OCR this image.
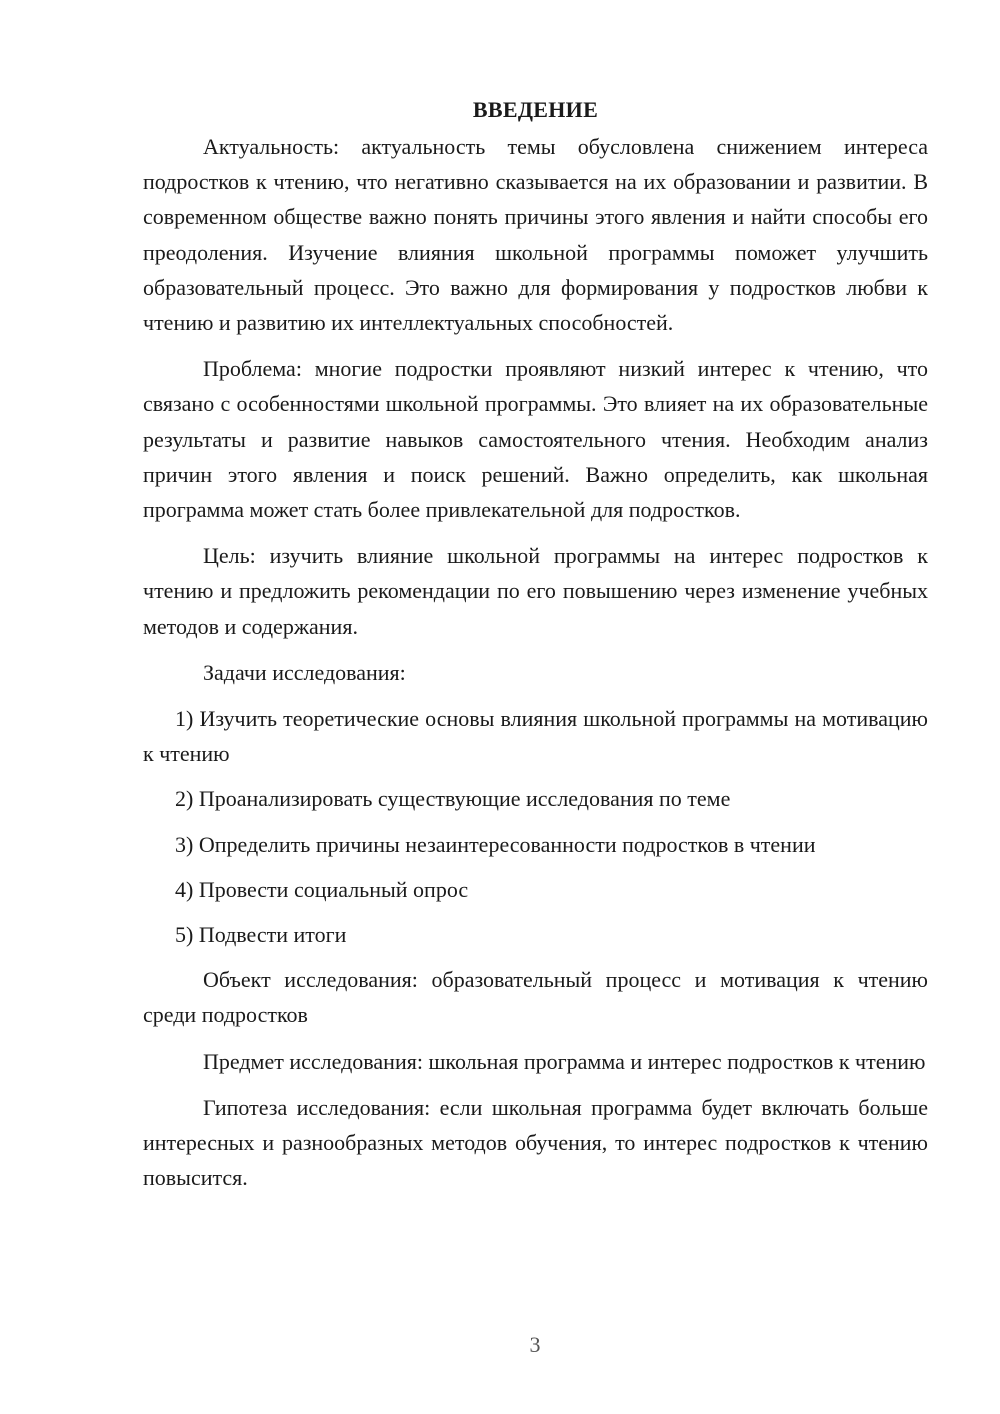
ВВЕДЕНИЕ

Актуальность: актуальность темы обусловлена снижением интереса подростков к чтению, что негативно сказывается на их образовании и развитии. В современном обществе важно понять причины этого явления и найти способы его преодоления. Изучение влияния школьной программы поможет улучшить образовательный процесс. Это важно для формирования у подростков любви к чтению и развитию их интеллектуальных способностей.

Проблема: многие подростки проявляют низкий интерес к чтению, что связано с особенностями школьной программы. Это влияет на их образовательные результаты и развитие навыков самостоятельного чтения. Необходим анализ причин этого явления и поиск решений. Важно определить, как школьная программа может стать более привлекательной для подростков.

Цель: изучить влияние школьной программы на интерес подростков к чтению и предложить рекомендации по его повышению через изменение учебных методов и содержания.

Задачи исследования:

1) Изучить теоретические основы влияния школьной программы на мотивацию к чтению

2) Проанализировать существующие исследования по теме

3) Определить причины незаинтересованности подростков в чтении

4) Провести социальный опрос

5) Подвести итоги

Объект исследования: образовательный процесс и мотивация к чтению среди подростков

Предмет исследования: школьная программа и интерес подростков к чтению

Гипотеза исследования: если школьная программа будет включать больше интересных и разнообразных методов обучения, то интерес подростков к чтению повысится.

3
